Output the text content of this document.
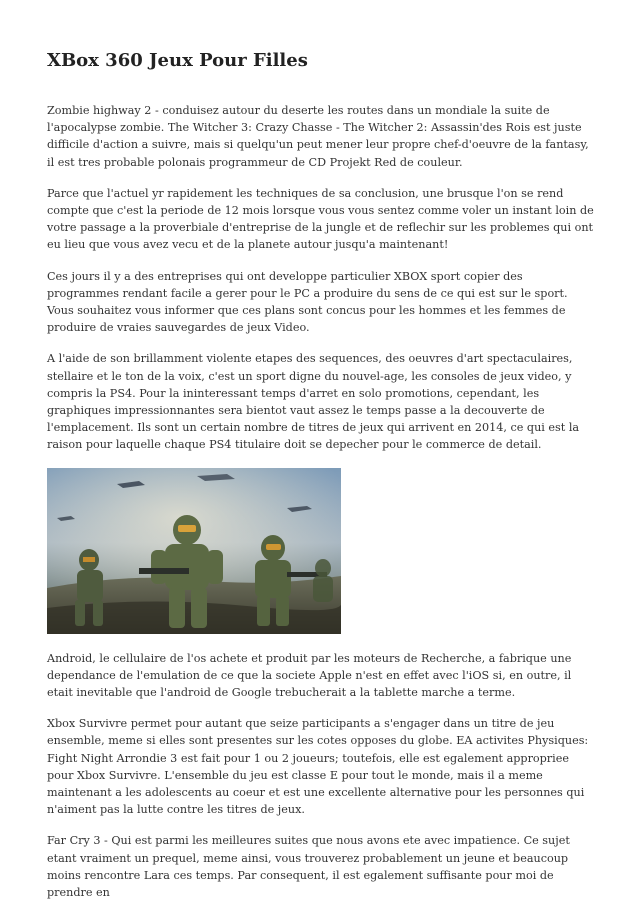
XBox 360 Jeux Pour Filles

Zombie highway 2 - conduisez autour du deserte les routes dans un mondiale la suite de l'apocalypse zombie. The Witcher 3: Crazy Chasse - The Witcher 2: Assassin'des Rois est juste difficile d'action a suivre, mais si quelqu'un peut mener leur propre chef-d'oeuvre de la fantasy, il est tres probable polonais programmeur de CD Projekt Red de couleur.

Parce que l'actuel yr rapidement les techniques de sa conclusion, une brusque l'on se rend compte que c'est la periode de 12 mois lorsque vous vous sentez comme voler un instant loin de votre passage a la proverbiale d'entreprise de la jungle et de reflechir sur les problemes qui ont eu lieu que vous avez vecu et de la planete autour jusqu'a maintenant!

Ces jours il y a des entreprises qui ont developpe particulier XBOX sport copier des programmes rendant facile a gerer pour le PC a produire du sens de ce qui est sur le sport. Vous souhaitez vous informer que ces plans sont concus pour les hommes et les femmes de produire de vraies sauvegardes de jeux Video.

A l'aide de son brillamment violente etapes des sequences, des oeuvres d'art spectaculaires, stellaire et le ton de la voix, c'est un sport digne du nouvel-age, les consoles de jeux video, y compris la PS4. Pour la ininteressant temps d'arret en solo promotions, cependant, les graphiques impressionnantes sera bientot vaut assez le temps passe a la decouverte de l'emplacement. Ils sont un certain nombre de titres de jeux qui arrivent en 2014, ce qui est la raison pour laquelle chaque PS4 titulaire doit se depecher pour le commerce de detail.

Android, le cellulaire de l'os achete et produit par les moteurs de Recherche, a fabrique une dependance de l'emulation de ce que la societe Apple n'est en effet avec l'iOS si, en outre, il etait inevitable que l'android de Google trebucherait a la tablette marche a terme.

Xbox Survivre permet pour autant que seize participants a s'engager dans un titre de jeu ensemble, meme si elles sont presentes sur les cotes opposes du globe. EA activites Physiques: Fight Night Arrondie 3 est fait pour 1 ou 2 joueurs; toutefois, elle est egalement appropriee pour Xbox Survivre. L'ensemble du jeu est classe E pour tout le monde, mais il a meme maintenant a les adolescents au coeur et est une excellente alternative pour les personnes qui n'aiment pas la lutte contre les titres de jeux.

Far Cry 3 - Qui est parmi les meilleures suites que nous avons ete avec impatience. Ce sujet etant vraiment un prequel, meme ainsi, vous trouverez probablement un jeune et beaucoup moins rencontre Lara ces temps. Par consequent, il est egalement suffisante pour moi de prendre en
